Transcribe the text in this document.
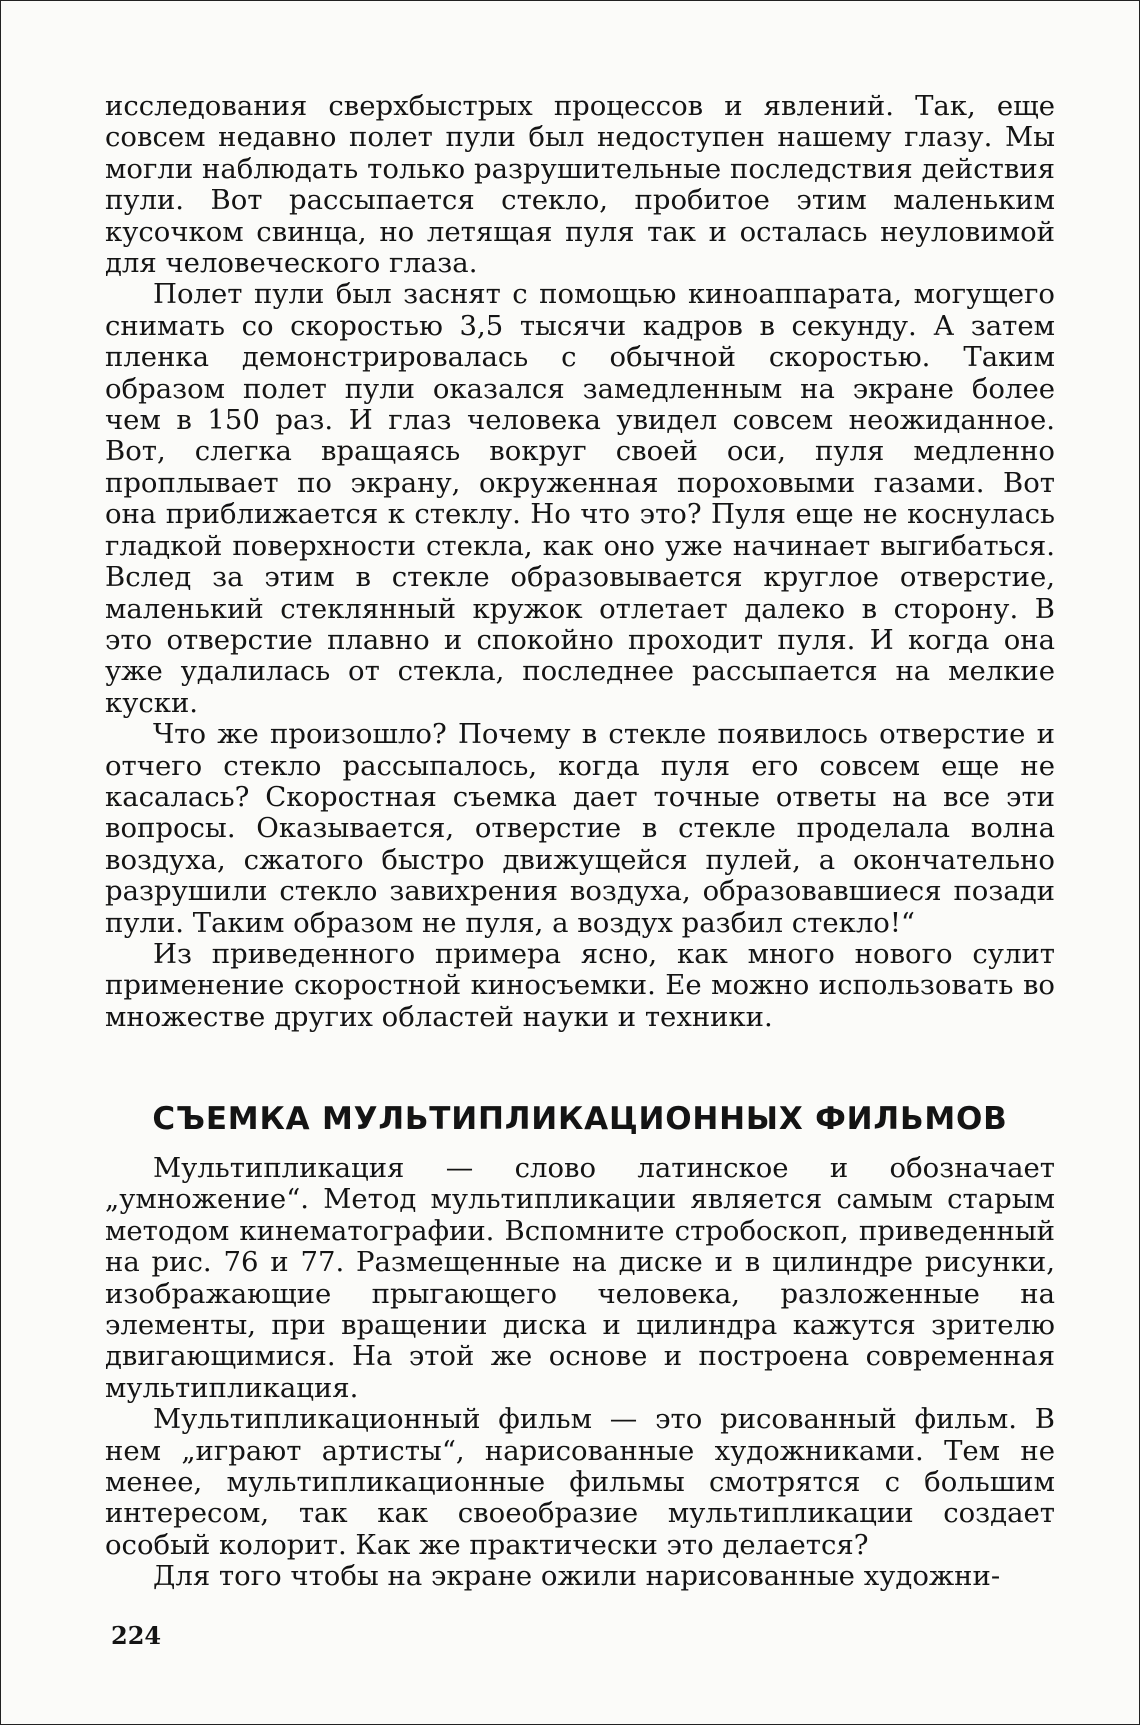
исследования сверхбыстрых процессов и явлений. Так, еще совсем недавно полет пули был недоступен нашему глазу. Мы могли наблюдать только разрушительные последствия действия пули. Вот рассыпается стекло, пробитое этим маленьким кусочком свинца, но летящая пуля так и осталась неуловимой для человеческого глаза.

Полет пули был заснят с помощью киноаппарата, могущего снимать со скоростью 3,5 тысячи кадров в секунду. А затем пленка демонстрировалась с обычной скоростью. Таким образом полет пули оказался замедленным на экране более чем в 150 раз. И глаз человека увидел совсем неожиданное. Вот, слегка вращаясь вокруг своей оси, пуля медленно проплывает по экрану, окруженная пороховыми газами. Вот она приближается к стеклу. Но что это? Пуля еще не коснулась гладкой поверхности стекла, как оно уже начинает выгибаться. Вслед за этим в стекле образовывается круглое отверстие, маленький стеклянный кружок отлетает далеко в сторону. В это отверстие плавно и спокойно проходит пуля. И когда она уже удалилась от стекла, последнее рассыпается на мелкие куски.

Что же произошло? Почему в стекле появилось отверстие и отчего стекло рассыпалось, когда пуля его совсем еще не касалась? Скоростная съемка дает точные ответы на все эти вопросы. Оказывается, отверстие в стекле проделала волна воздуха, сжатого быстро движущейся пулей, а окончательно разрушили стекло завихрения воздуха, образовавшиеся позади пули. Таким образом не пуля, а воздух разбил стекло!“

Из приведенного примера ясно, как много нового сулит применение скоростной киносъемки. Ее можно использовать во множестве других областей науки и техники.

СЪЕМКА МУЛЬТИПЛИКАЦИОННЫХ ФИЛЬМОВ

Мультипликация — слово латинское и обозначает „умножение“. Метод мультипликации является самым старым методом кинематографии. Вспомните стробоскоп, приведенный на рис. 76 и 77. Размещенные на диске и в цилиндре рисунки, изображающие прыгающего человека, разложенные на элементы, при вращении диска и цилиндра кажутся зрителю двигающимися. На этой же основе и построена современная мультипликация.

Мультипликационный фильм — это рисованный фильм. В нем „играют артисты“, нарисованные художниками. Тем не менее, мультипликационные фильмы смотрятся с большим интересом, так как своеобразие мультипликации создает особый колорит. Как же практически это делается?

Для того чтобы на экране ожили нарисованные художни-

224
